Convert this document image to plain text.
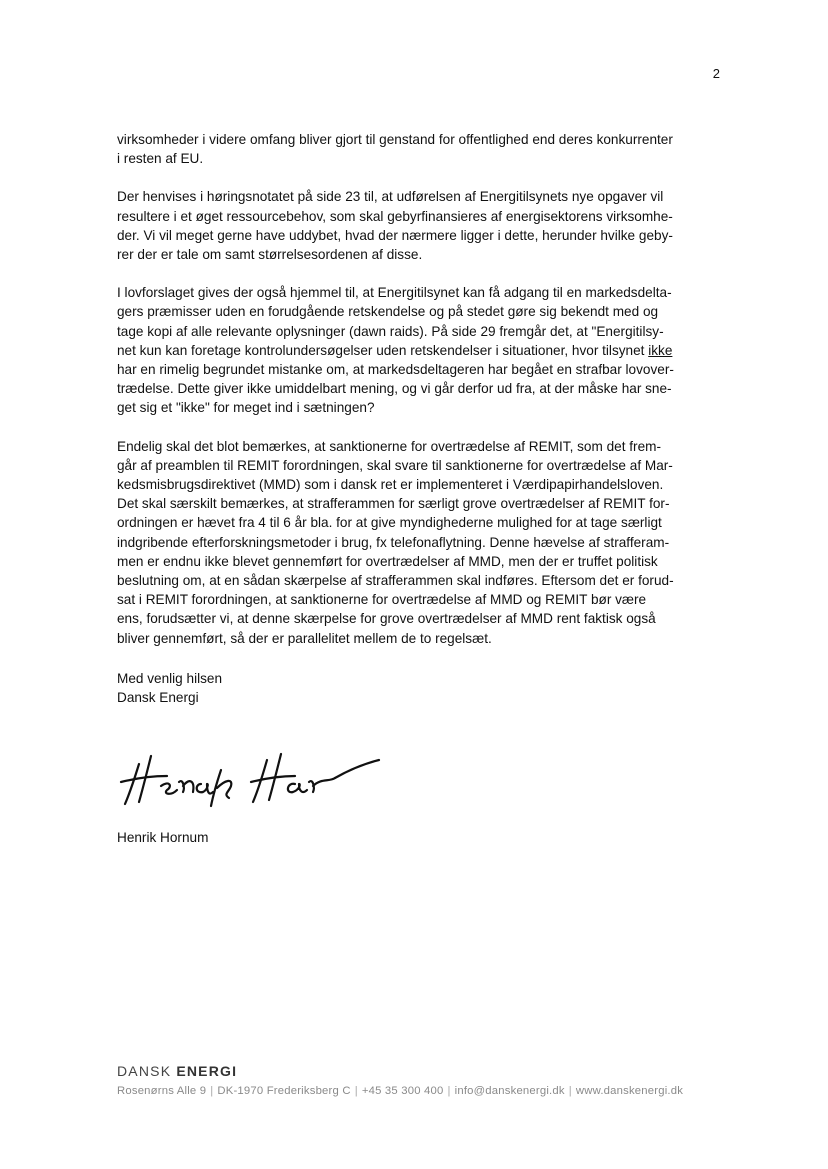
2

virksomheder i videre omfang bliver gjort til genstand for offentlighed end deres konkurrenter
i resten af EU.

Der henvises i høringsnotatet på side 23 til, at udførelsen af Energitilsynets nye opgaver vil
resultere i et øget ressourcebehov, som skal gebyrfinansieres af energisektorens virksomhe-
der. Vi vil meget gerne have uddybet, hvad der nærmere ligger i dette, herunder hvilke geby-
rer der er tale om samt størrelsesordenen af disse.

I lovforslaget gives der også hjemmel til, at Energitilsynet kan få adgang til en markedsdelta-
gers præmisser uden en forudgående retskendelse og på stedet gøre sig bekendt med og
tage kopi af alle relevante oplysninger (dawn raids). På side 29 fremgår det, at "Energitilsy-
net kun kan foretage kontrolundersøgelser uden retskendelser i situationer, hvor tilsynet ikke
har en rimelig begrundet mistanke om, at markedsdeltageren har begået en strafbar lovover-
trædelse. Dette giver ikke umiddelbart mening, og vi går derfor ud fra, at der måske har sne-
get sig et "ikke" for meget ind i sætningen?

Endelig skal det blot bemærkes, at sanktionerne for overtrædelse af REMIT, som det frem-
går af preamblen til REMIT forordningen, skal svare til sanktionerne for overtrædelse af Mar-
kedsmisbrugsdirektivet (MMD) som i dansk ret er implementeret i Værdipapirhandelsloven.
Det skal særskilt bemærkes, at strafferammen for særligt grove overtrædelser af REMIT for-
ordningen er hævet fra 4 til 6 år bla. for at give myndighederne mulighed for at tage særligt
indgribende efterforskningsmetoder i brug, fx telefonaflytning. Denne hævelse af strafferam-
men er endnu ikke blevet gennemført for overtrædelser af MMD, men der er truffet politisk
beslutning om, at en sådan skærpelse af strafferammen skal indføres. Eftersom det er forud-
sat i REMIT forordningen, at sanktionerne for overtrædelse af MMD og REMIT bør være
ens, forudsætter vi, at denne skærpelse for grove overtrædelser af MMD rent faktisk også
bliver gennemført, så der er parallelitet mellem de to regelsæt.

Med venlig hilsen
Dansk Energi
Henrik Hornum
DANSK ENERGI
Rosenørns Alle 9 | DK-1970 Frederiksberg C | +45 35 300 400 | info@danskenergi.dk | www.danskenergi.dk
